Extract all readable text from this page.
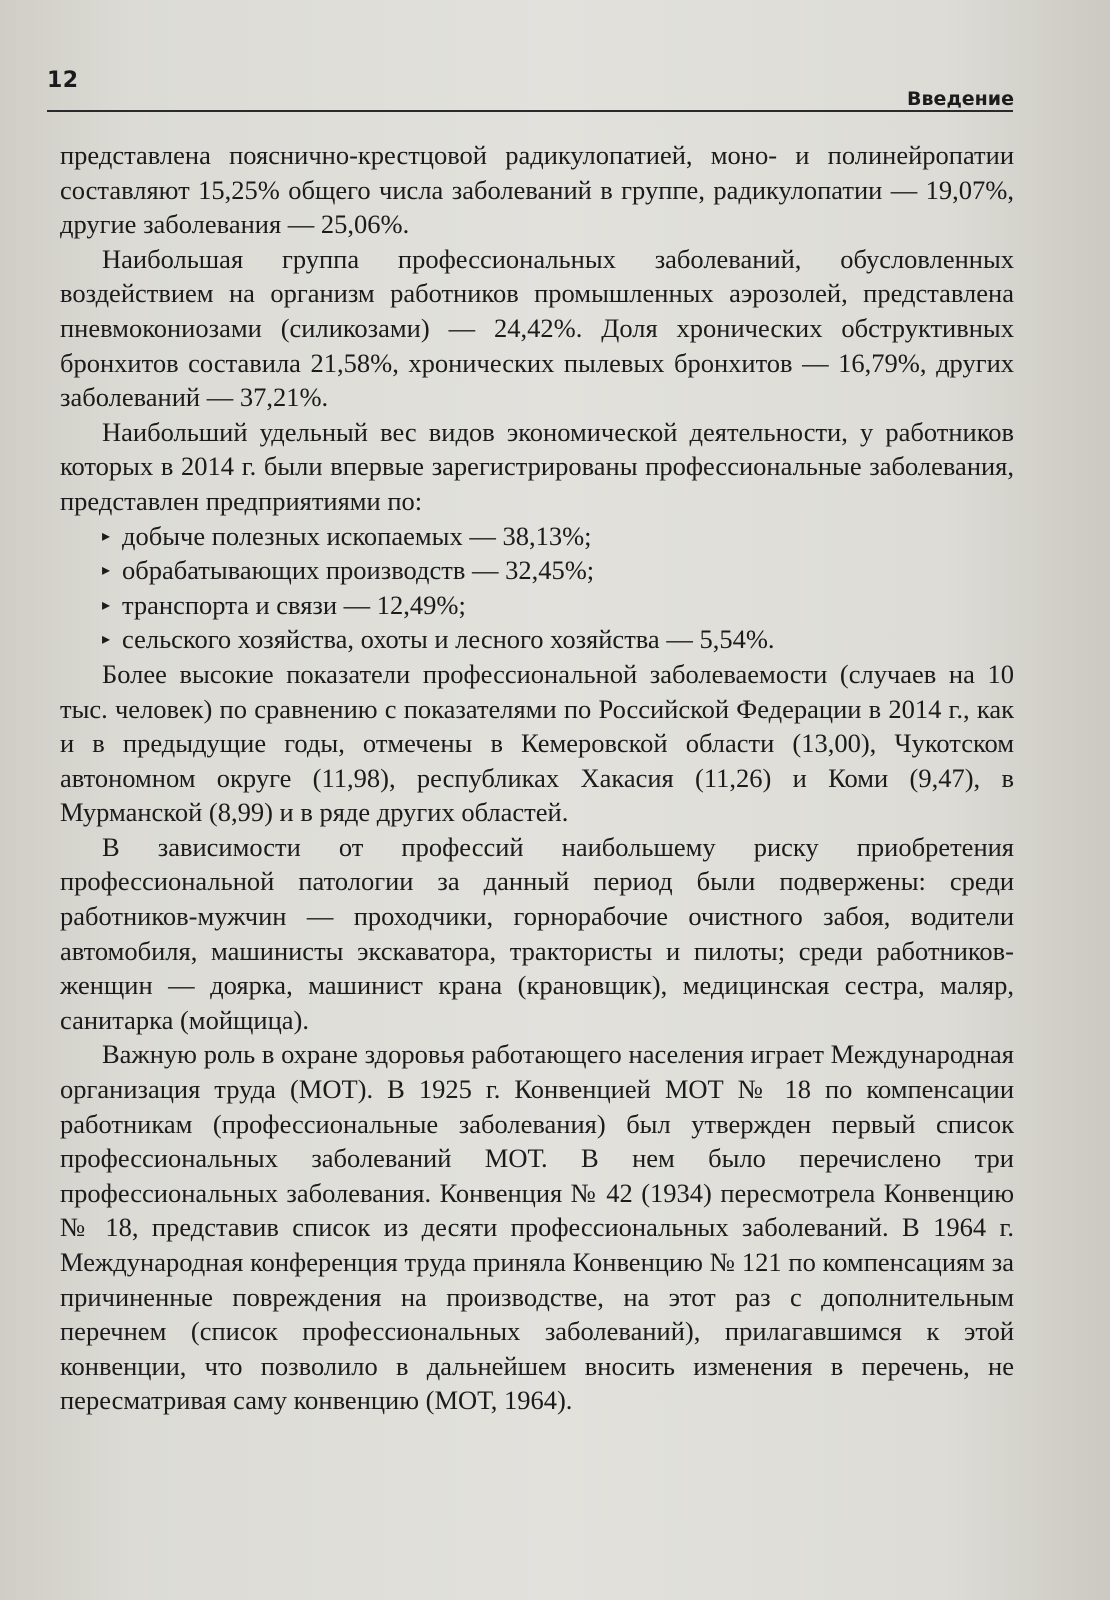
12
Введение

представлена пояснично-крестцовой радикулопатией, моно- и полинейропатии составляют 15,25% общего числа заболеваний в группе, радикулопатии — 19,07%, другие заболевания — 25,06%.

Наибольшая группа профессиональных заболеваний, обусловленных воздействием на организм работников промышленных аэрозолей, представлена пневмокониозами (силикозами) — 24,42%. Доля хронических обструктивных бронхитов составила 21,58%, хронических пылевых бронхитов — 16,79%, других заболеваний — 37,21%.

Наибольший удельный вес видов экономической деятельности, у работников которых в 2014 г. были впервые зарегистрированы профессиональные заболевания, представлен предприятиями по:

▸ добыче полезных ископаемых — 38,13%;
▸ обрабатывающих производств — 32,45%;
▸ транспорта и связи — 12,49%;
▸ сельского хозяйства, охоты и лесного хозяйства — 5,54%.

Более высокие показатели профессиональной заболеваемости (случаев на 10 тыс. человек) по сравнению с показателями по Российской Федерации в 2014 г., как и в предыдущие годы, отмечены в Кемеровской области (13,00), Чукотском автономном округе (11,98), республиках Хакасия (11,26) и Коми (9,47), в Мурманской (8,99) и в ряде других областей.

В зависимости от профессий наибольшему риску приобретения профессиональной патологии за данный период были подвержены: среди работников-мужчин — проходчики, горнорабочие очистного забоя, водители автомобиля, машинисты экскаватора, трактористы и пилоты; среди работников-женщин — доярка, машинист крана (крановщик), медицинская сестра, маляр, санитарка (мойщица).

Важную роль в охране здоровья работающего населения играет Международная организация труда (МОТ). В 1925 г. Конвенцией МОТ № 18 по компенсации работникам (профессиональные заболевания) был утвержден первый список профессиональных заболеваний МОТ. В нем было перечислено три профессиональных заболевания. Конвенция № 42 (1934) пересмотрела Конвенцию № 18, представив список из десяти профессиональных заболеваний. В 1964 г. Международная конференция труда приняла Конвенцию № 121 по компенсациям за причиненные повреждения на производстве, на этот раз с дополнительным перечнем (список профессиональных заболеваний), прилагавшимся к этой конвенции, что позволило в дальнейшем вносить изменения в перечень, не пересматривая саму конвенцию (МОТ, 1964).
